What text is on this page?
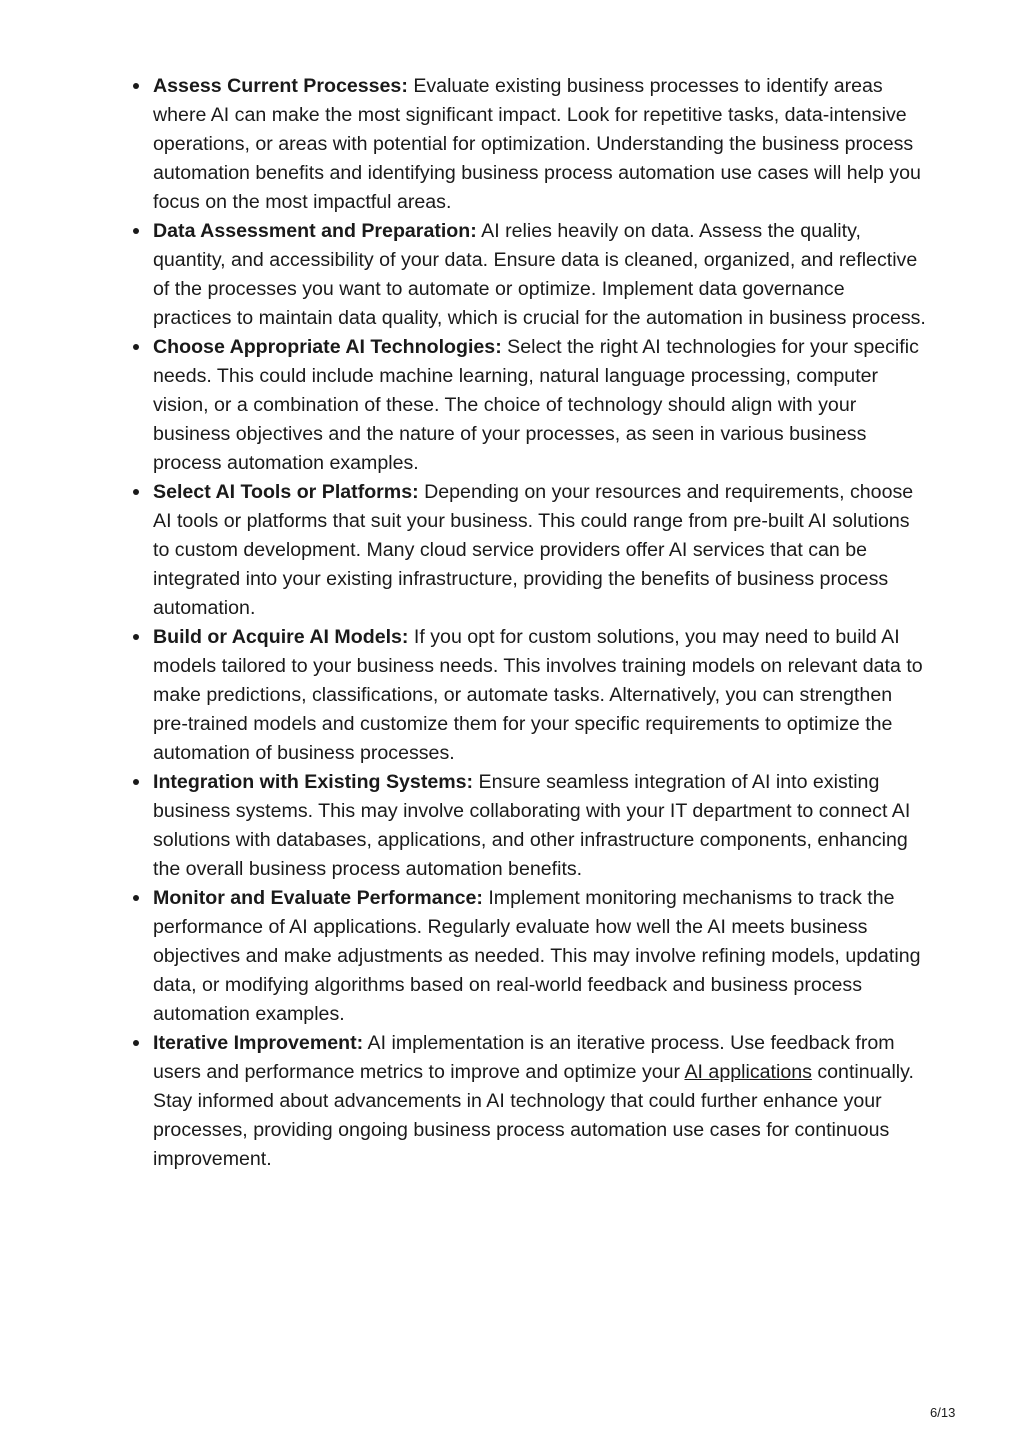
Assess Current Processes: Evaluate existing business processes to identify areas where AI can make the most significant impact. Look for repetitive tasks, data-intensive operations, or areas with potential for optimization. Understanding the business process automation benefits and identifying business process automation use cases will help you focus on the most impactful areas.
Data Assessment and Preparation: AI relies heavily on data. Assess the quality, quantity, and accessibility of your data. Ensure data is cleaned, organized, and reflective of the processes you want to automate or optimize. Implement data governance practices to maintain data quality, which is crucial for the automation in business process.
Choose Appropriate AI Technologies: Select the right AI technologies for your specific needs. This could include machine learning, natural language processing, computer vision, or a combination of these. The choice of technology should align with your business objectives and the nature of your processes, as seen in various business process automation examples.
Select AI Tools or Platforms: Depending on your resources and requirements, choose AI tools or platforms that suit your business. This could range from pre-built AI solutions to custom development. Many cloud service providers offer AI services that can be integrated into your existing infrastructure, providing the benefits of business process automation.
Build or Acquire AI Models: If you opt for custom solutions, you may need to build AI models tailored to your business needs. This involves training models on relevant data to make predictions, classifications, or automate tasks. Alternatively, you can strengthen pre-trained models and customize them for your specific requirements to optimize the automation of business processes.
Integration with Existing Systems: Ensure seamless integration of AI into existing business systems. This may involve collaborating with your IT department to connect AI solutions with databases, applications, and other infrastructure components, enhancing the overall business process automation benefits.
Monitor and Evaluate Performance: Implement monitoring mechanisms to track the performance of AI applications. Regularly evaluate how well the AI meets business objectives and make adjustments as needed. This may involve refining models, updating data, or modifying algorithms based on real-world feedback and business process automation examples.
Iterative Improvement: AI implementation is an iterative process. Use feedback from users and performance metrics to improve and optimize your AI applications continually. Stay informed about advancements in AI technology that could further enhance your processes, providing ongoing business process automation use cases for continuous improvement.
6/13
